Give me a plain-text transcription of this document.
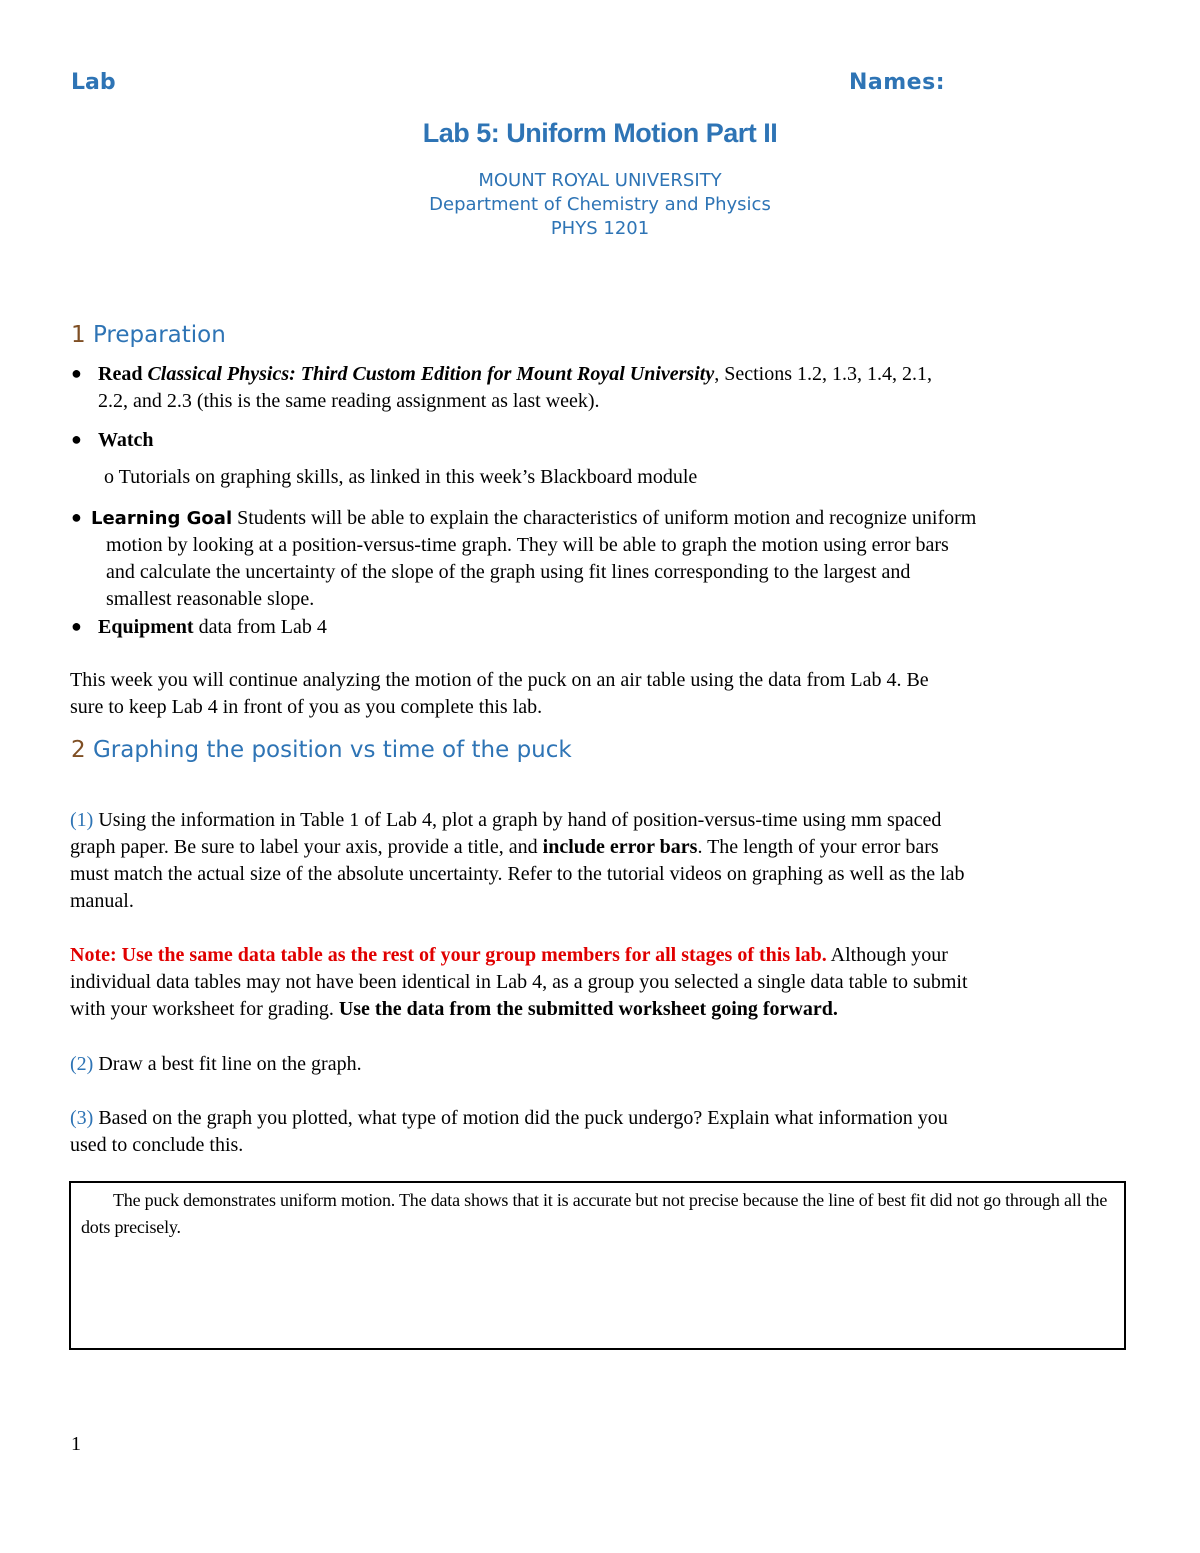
Lab	Names:
Lab 5: Uniform Motion Part II
MOUNT ROYAL UNIVERSITY
Department of Chemistry and Physics
PHYS 1201
1 Preparation
● Read Classical Physics: Third Custom Edition for Mount Royal University, Sections 1.2, 1.3, 1.4, 2.1,
2.2, and 2.3 (this is the same reading assignment as last week).
● Watch
o Tutorials on graphing skills, as linked in this week’s Blackboard module
● Learning Goal Students will be able to explain the characteristics of uniform motion and recognize uniform
motion by looking at a position-versus-time graph. They will be able to graph the motion using error bars
and calculate the uncertainty of the slope of the graph using fit lines corresponding to the largest and
smallest reasonable slope.
● Equipment data from Lab 4
This week you will continue analyzing the motion of the puck on an air table using the data from Lab 4. Be
sure to keep Lab 4 in front of you as you complete this lab.
2 Graphing the position vs time of the puck
(1) Using the information in Table 1 of Lab 4, plot a graph by hand of position-versus-time using mm spaced
graph paper. Be sure to label your axis, provide a title, and include error bars. The length of your error bars
must match the actual size of the absolute uncertainty. Refer to the tutorial videos on graphing as well as the lab
manual.
Note: Use the same data table as the rest of your group members for all stages of this lab. Although your
individual data tables may not have been identical in Lab 4, as a group you selected a single data table to submit
with your worksheet for grading. Use the data from the submitted worksheet going forward.
(2) Draw a best fit line on the graph.
(3) Based on the graph you plotted, what type of motion did the puck undergo? Explain what information you
used to conclude this.
The puck demonstrates uniform motion. The data shows that it is accurate but not precise because the line of best fit did not go through all the dots precisely.
1
